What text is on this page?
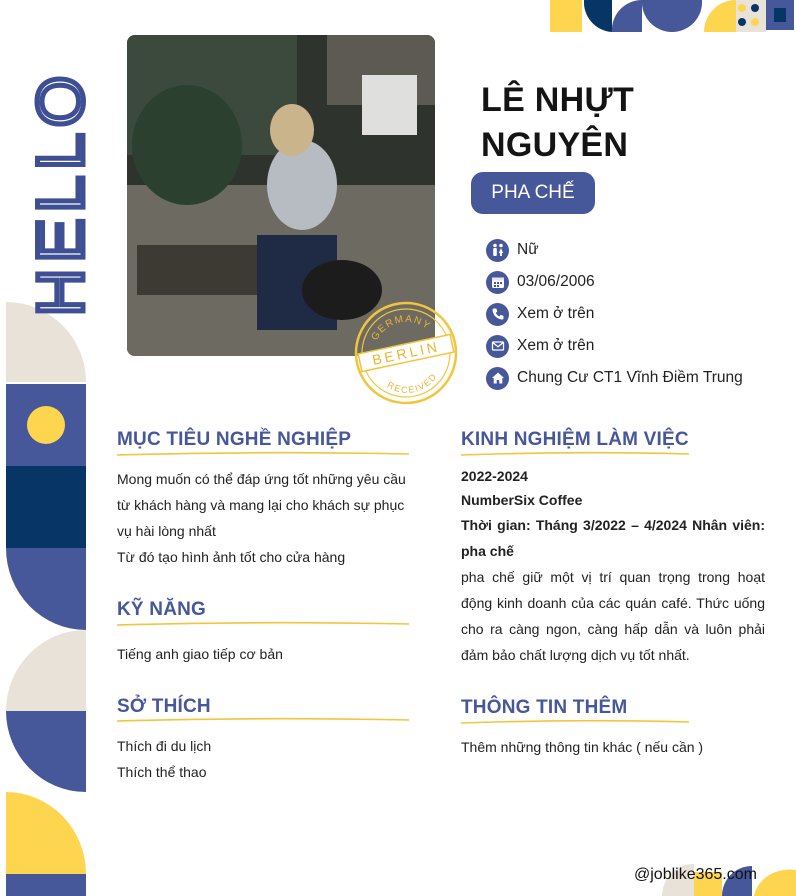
HELLO
GERMANY
BERLIN
RECEIVED
LÊ NHỰT
NGUYÊN
PHA CHẾ
Nữ
03/06/2006
Xem ở trên
Xem ở trên
Chung Cư CT1 Vĩnh Điềm Trung
MỤC TIÊU NGHỀ NGHIỆP
Mong muốn có thể đáp ứng tốt những yêu cầu
từ khách hàng và mang lại cho khách sự phục
vụ hài lòng nhất
Từ đó tạo hình ảnh tốt cho cửa hàng
KỸ NĂNG
Tiếng anh giao tiếp cơ bản
SỞ THÍCH
Thích đi du lịch
Thích thể thao
KINH NGHIỆM LÀM VIỆC
2022-2024
NumberSix Coffee
Thời gian: Tháng 3/2022 – 4/2024 Nhân viên: pha chế
pha chế giữ một vị trí quan trọng trong hoạt động kinh doanh của các quán café. Thức uống cho ra càng ngon, càng hấp dẫn và luôn phải đảm bảo chất lượng dịch vụ tốt nhất.
THÔNG TIN THÊM
Thêm những thông tin khác ( nếu cần )
@joblike365.com
